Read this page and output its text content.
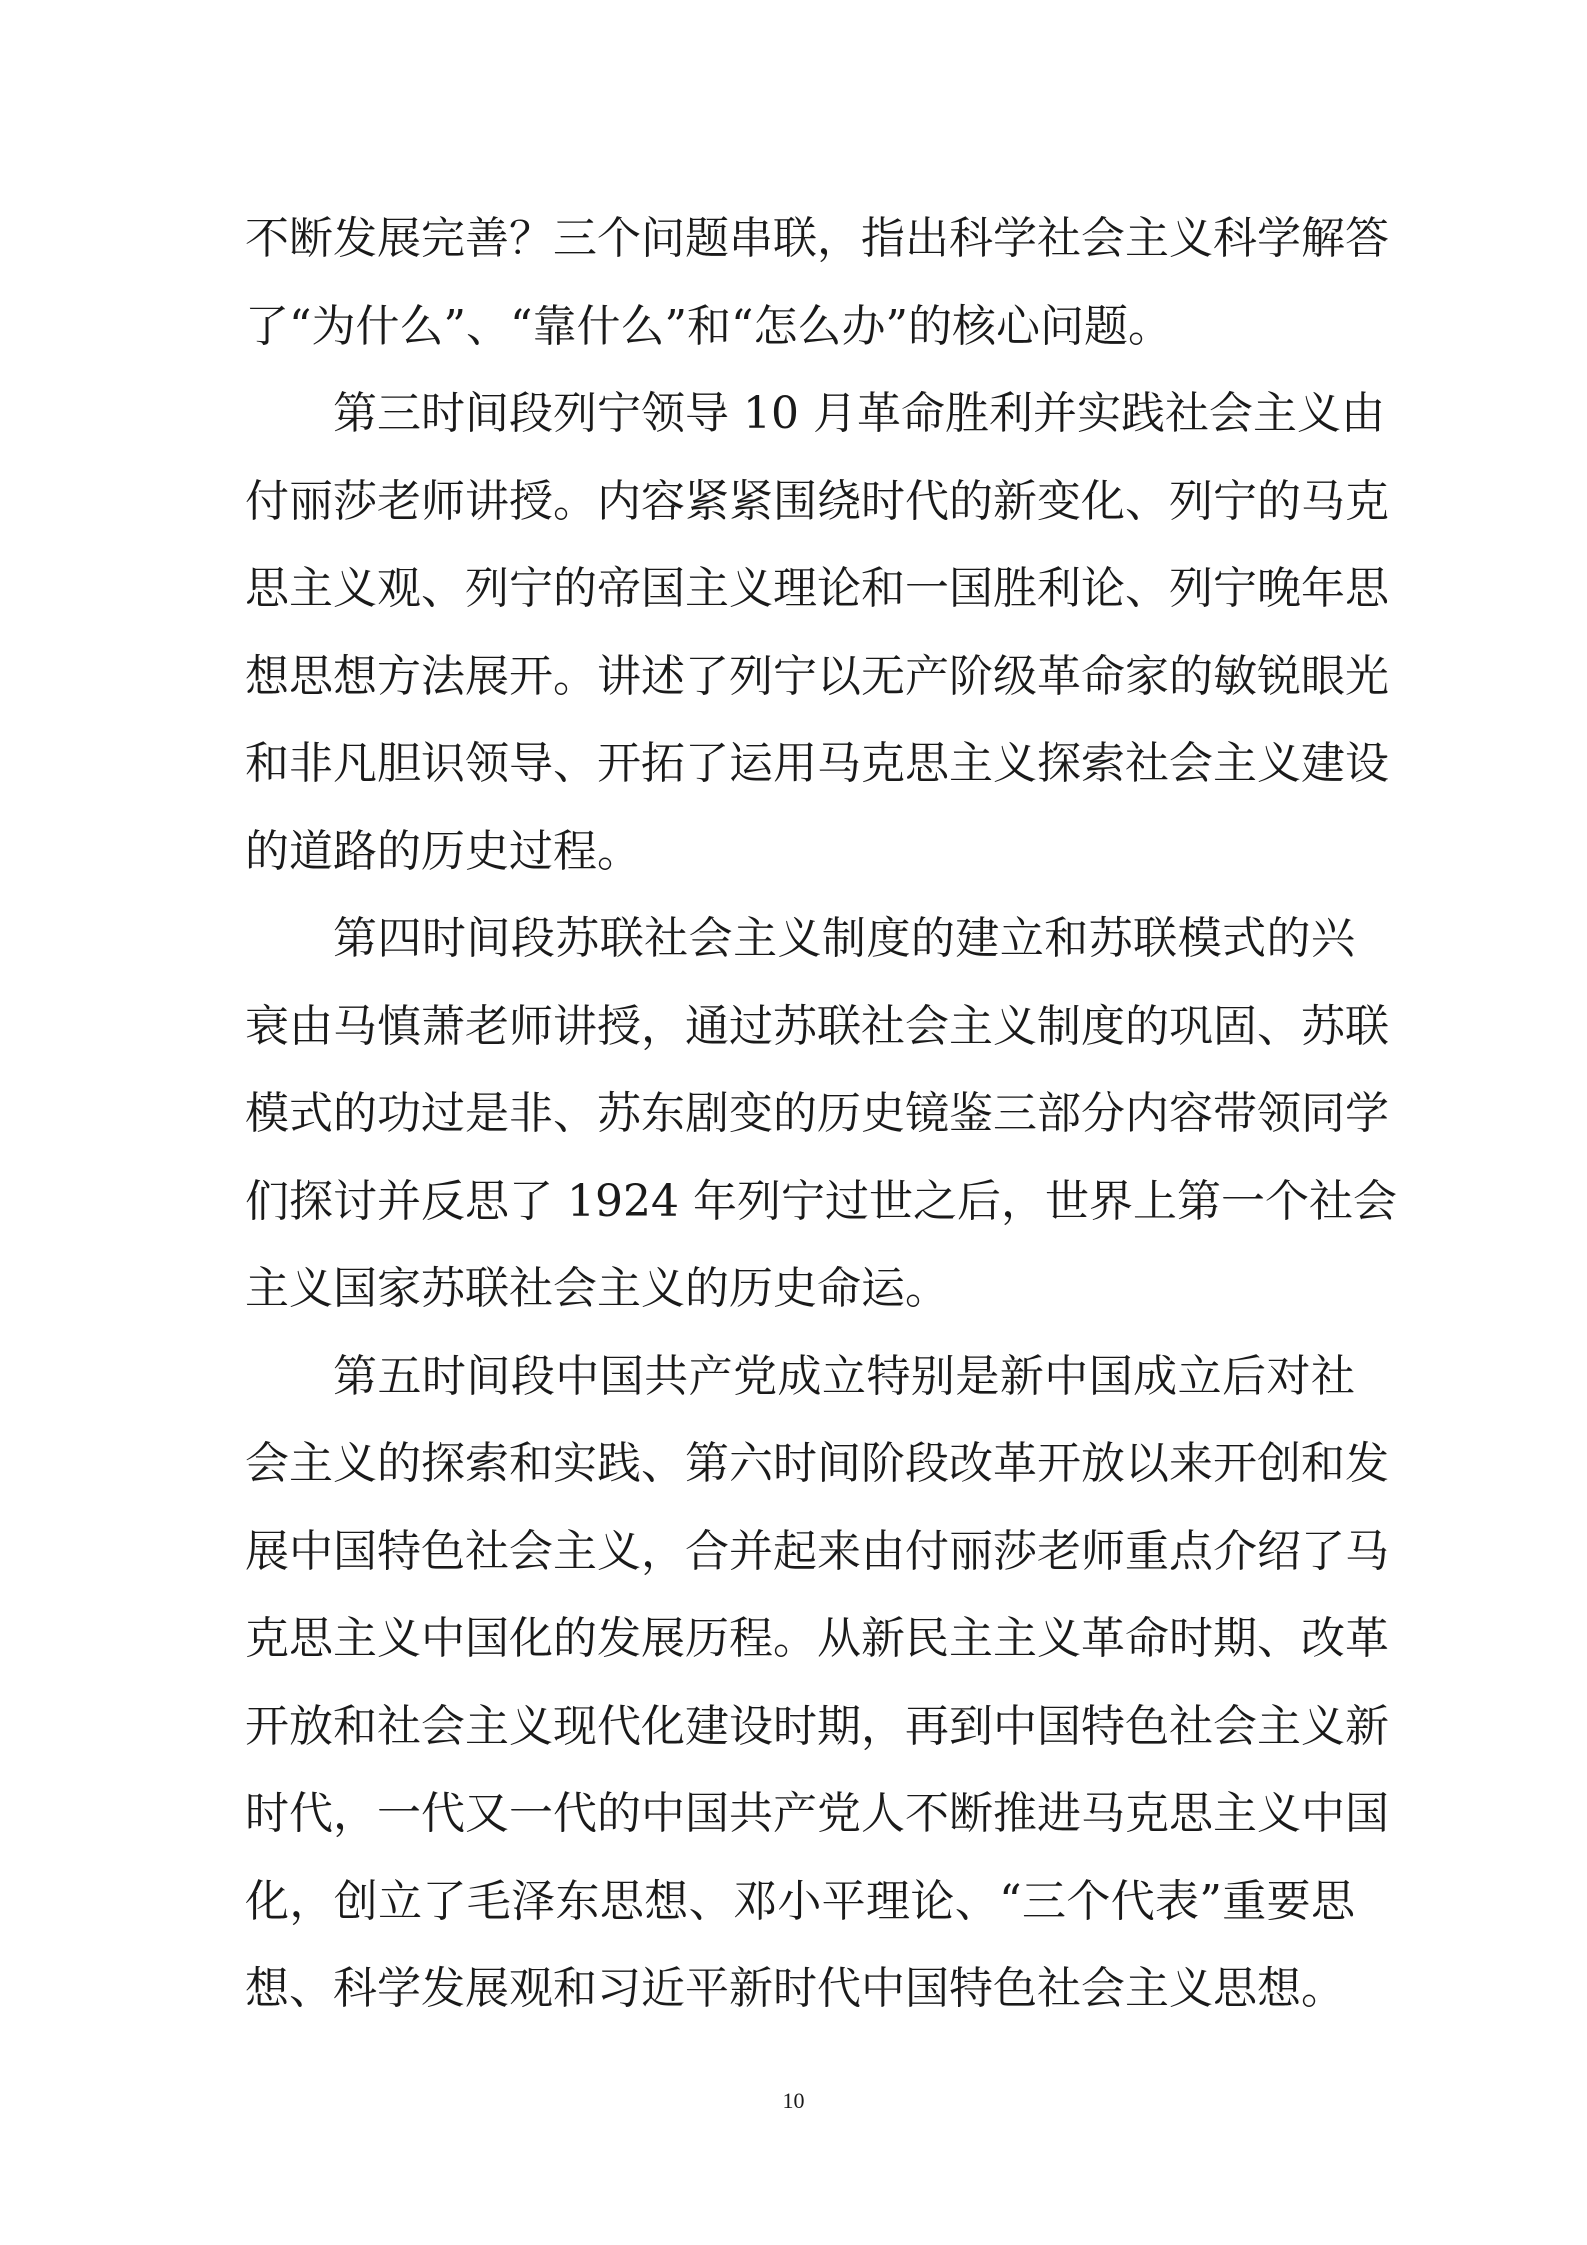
不断发展完善？三个问题串联，指出科学社会主义科学解答
了“为什么”、“靠什么”和“怎么办”的核心问题。
第三时间段列宁领导 10 月革命胜利并实践社会主义由
付丽莎老师讲授。内容紧紧围绕时代的新变化、列宁的马克
思主义观、列宁的帝国主义理论和一国胜利论、列宁晚年思
想思想方法展开。讲述了列宁以无产阶级革命家的敏锐眼光
和非凡胆识领导、开拓了运用马克思主义探索社会主义建设
的道路的历史过程。
第四时间段苏联社会主义制度的建立和苏联模式的兴
衰由马慎萧老师讲授，通过苏联社会主义制度的巩固、苏联
模式的功过是非、苏东剧变的历史镜鉴三部分内容带领同学
们探讨并反思了 1924 年列宁过世之后，世界上第一个社会
主义国家苏联社会主义的历史命运。
第五时间段中国共产党成立特别是新中国成立后对社
会主义的探索和实践、第六时间阶段改革开放以来开创和发
展中国特色社会主义，合并起来由付丽莎老师重点介绍了马
克思主义中国化的发展历程。从新民主主义革命时期、改革
开放和社会主义现代化建设时期，再到中国特色社会主义新
时代，一代又一代的中国共产党人不断推进马克思主义中国
化，创立了毛泽东思想、邓小平理论、“三个代表”重要思
想、科学发展观和习近平新时代中国特色社会主义思想。
10
